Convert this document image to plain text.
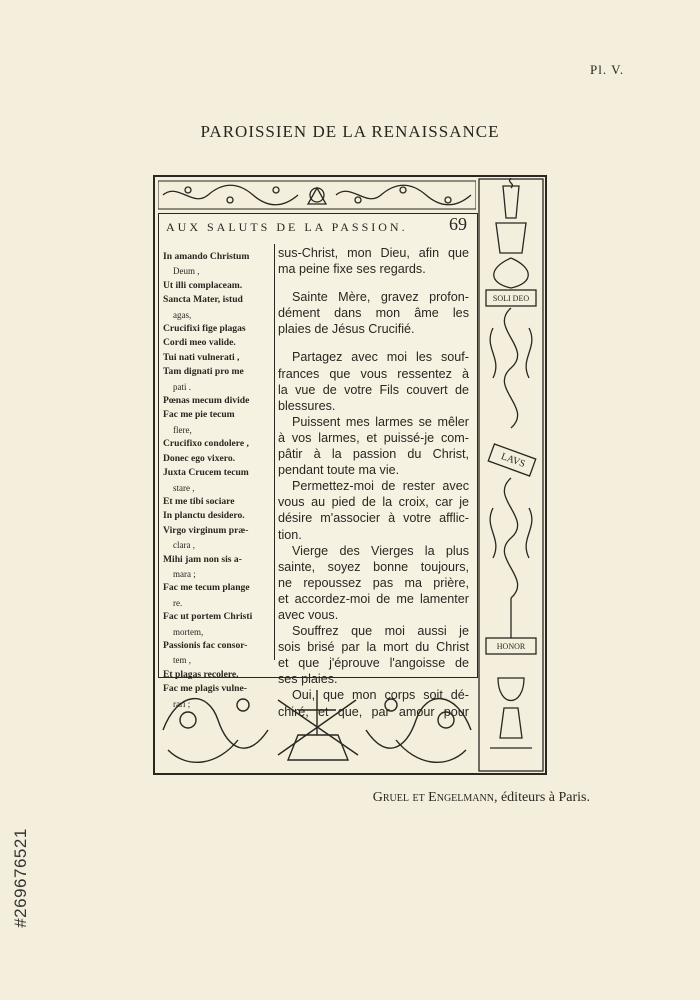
Pl. V.
PAROISSIEN DE LA RENAISSANCE
AUX SALUTS DE LA PASSION. 69
In amando Christum
Deum ,
Ut illi complaceam.
Sancta Mater, istud
agas,
Crucifixi fige plagas
Cordi meo valide.
Tui nati vulnerati ,
Tam dignati pro me
pati .
Pœnas mecum divide
Fac me pie tecum
flere,
Crucifixo condolere ,
Donec ego vixero.
Juxta Crucem tecum
stare ,
Et me tibi sociare
In planctu desidero.
Virgo virginum præ-
clara ,
Mihi jam non sis a-
mara ;
Fac me tecum plange
re.
Fac ut portem Christi
mortem,
Passionis fac consor-
tem ,
Et plagas recolere.
Fac me plagis vulne-
rari ;
sus-Christ, mon Dieu, afin que
ma peine fixe ses regards.
Sainte Mère, gravez profon-
dément dans mon âme les
plaies de Jésus Crucifié.
Partagez avec moi les souf-
frances que vous ressentez à
la vue de votre Fils couvert de
blessures.
Puissent mes larmes se mêler
à vos larmes, et puissé-je com-
pâtir à la passion du Christ,
pendant toute ma vie.
Permettez-moi de rester avec
vous au pied de la croix, car je
désire m'associer à votre afflic-
tion.
Vierge des Vierges la plus
sainte, soyez bonne toujours,
ne repoussez pas ma prière,
et accordez-moi de me lamenter
avec vous.
Souffrez que moi aussi je
sois brisé par la mort du Christ
et que j'éprouve l'angoisse de
ses plaies.
Oui, que mon corps soit dé-
chiré, et que, par amour pour
SOLI DEO
LAVS
HONOR
Gruel et Engelmann, éditeurs à Paris.
#269676521
